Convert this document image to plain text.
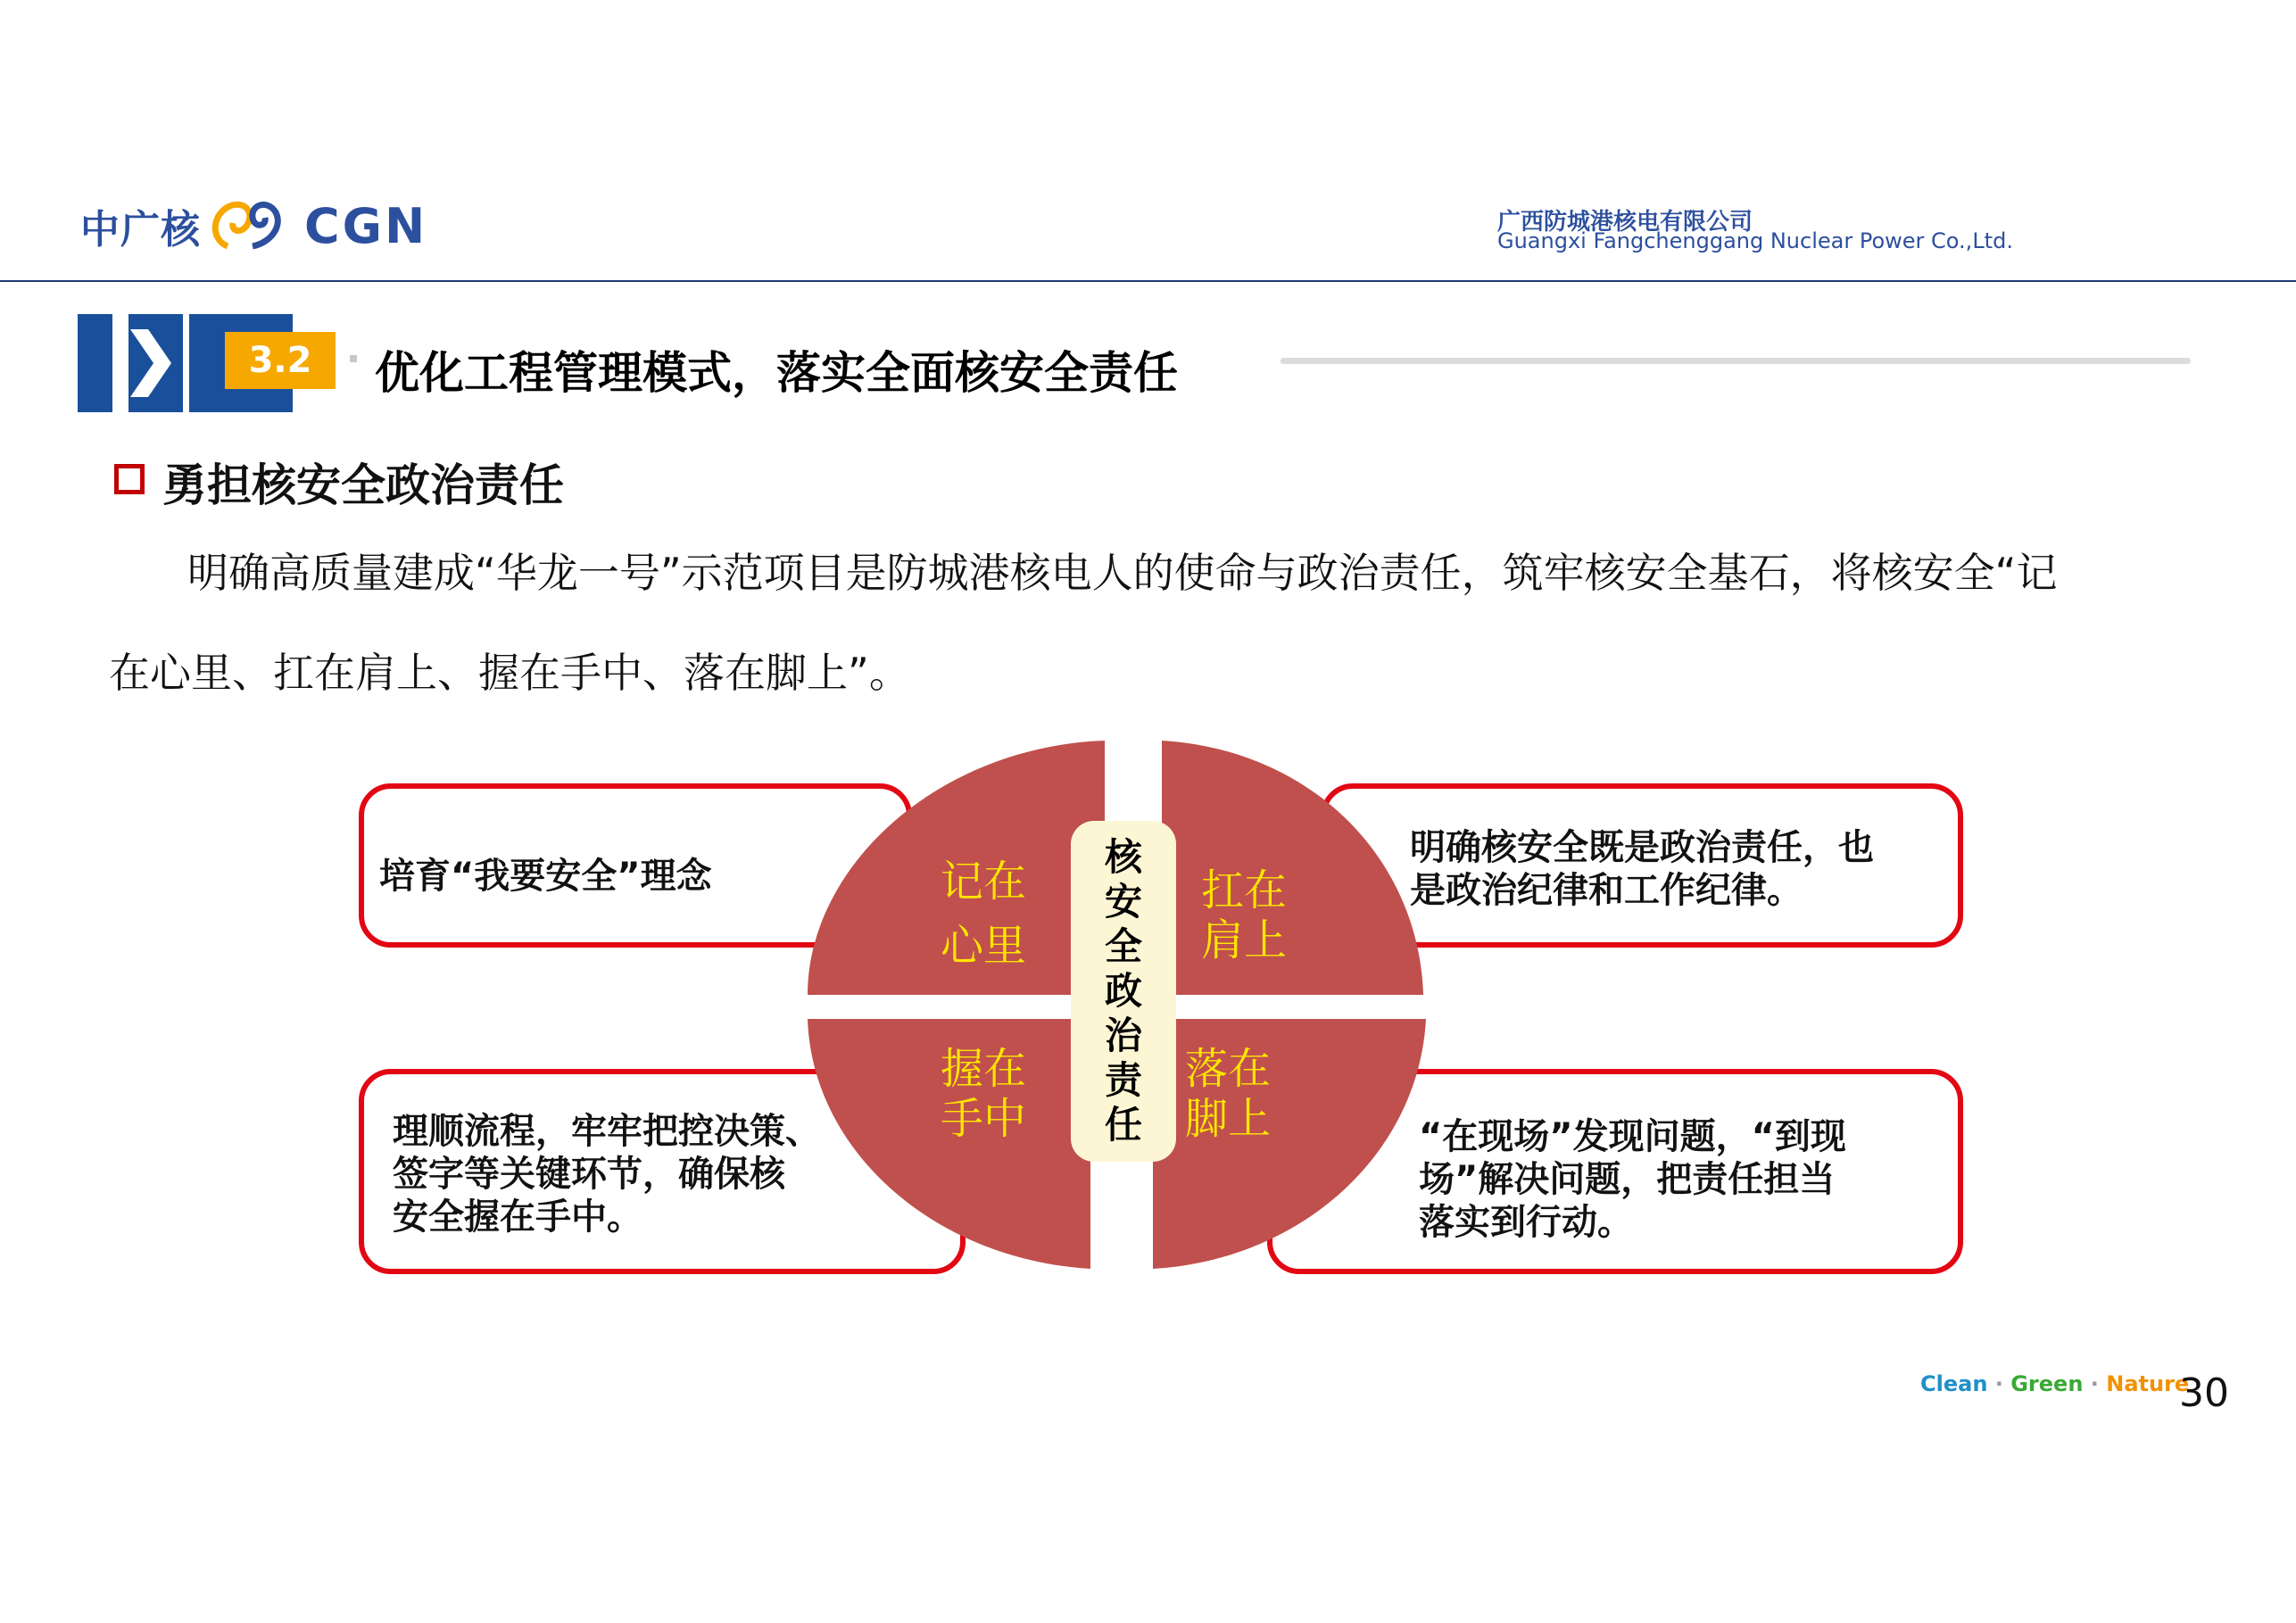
中广核 CGN	广西防城港核电有限公司
Guangxi Fangchenggang Nuclear Power Co.,Ltd.
3.2	优化工程管理模式，落实全面核安全责任
勇担核安全政治责任
明确高质量建成“华龙一号”示范项目是防城港核电人的使命与政治责任，筑牢核安全基石，将核安全“记
在心里、扛在肩上、握在手中、落在脚上”。
记在
心里
扛在
肩上
握在
手中
落在
脚上
核
安
全
政
治
责
任
培育“我要安全”理念
明确核安全既是政治责任，也
是政治纪律和工作纪律。
理顺流程，牢牢把控决策、
签字等关键环节，确保核
安全握在手中。
“在现场”发现问题，“到现
场”解决问题，把责任担当
落实到行动。
Clean · Green · Nature
30
